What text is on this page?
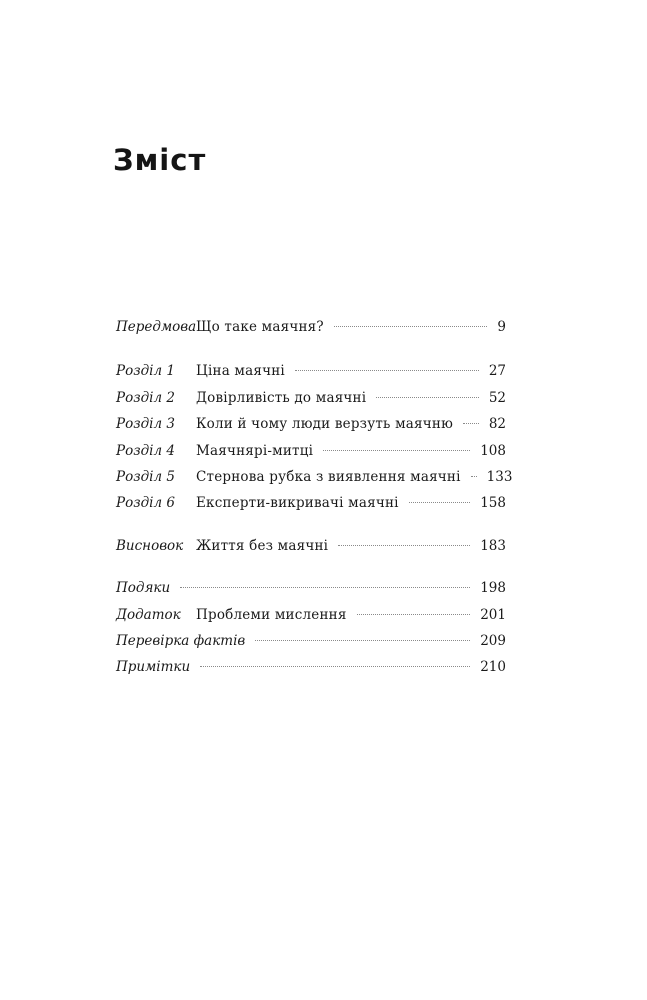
Зміст
Передмова Що таке маячня?	9
Розділ 1	Ціна маячні	27
Розділ 2	Довірливість до маячні	52
Розділ 3	Коли й чому люди верзуть маячню	82
Розділ 4	Маячнярі-митці	108
Розділ 5	Стернова рубка з виявлення маячні 133
Розділ 6	Експерти-викривачі маячні	158
Висновок Життя без маячні	183
Подяки	198
Додаток	Проблеми мислення	201
Перевірка фактів	209
Примітки	210
